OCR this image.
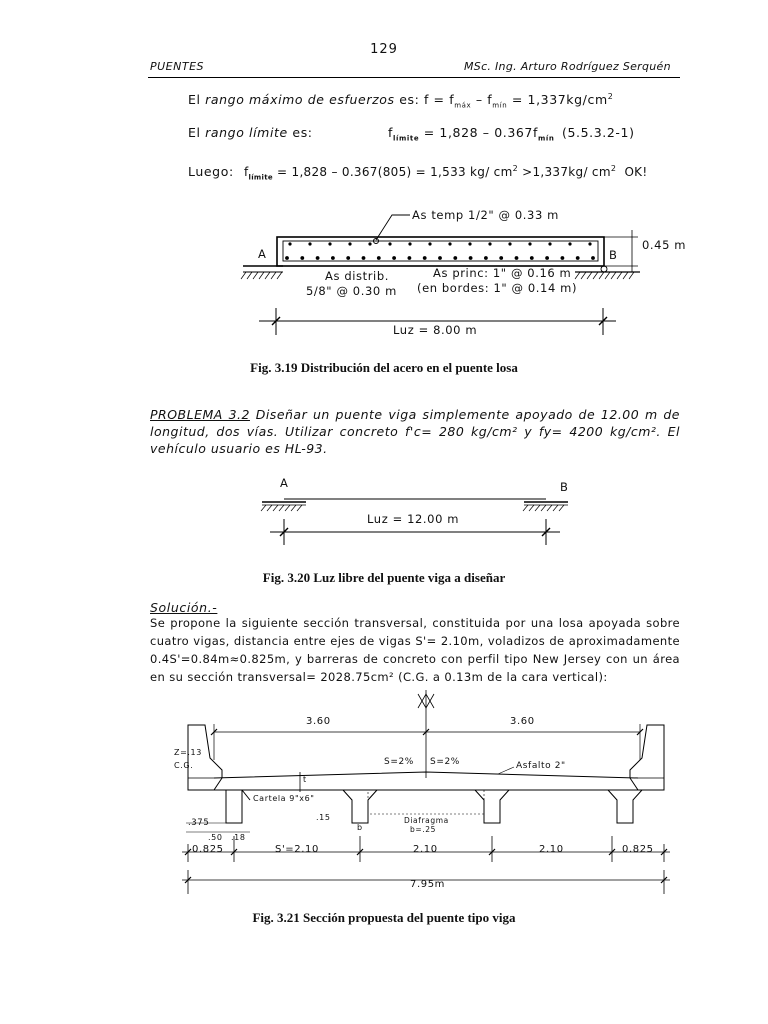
129
PUENTES	MSc. Ing. Arturo Rodríguez Serquén
El rango máximo de esfuerzos es: $f = f_{máx} - f_{mín} = 1,337kg/cm^2$
El rango límite es:	$f_{límite} = 1,828 - 0.367f_{mín}$ (5.5.3.2-1)
Luego: $f_{límite} = 1,828 - 0.367(805) = 1,533$ kg/ $cm^2 >1,337kg/$ $cm^2$ OK!
As temp 1/2" @ 0.33 m
0.45 m
A	B
As distrib.
5/8" @ 0.30 m
As princ: 1" @ 0.16 m
(en bordes: 1" @ 0.14 m)
Luz = 8.00 m
Fig. 3.19 Distribución del acero en el puente losa
PROBLEMA 3.2 Diseñar un puente viga simplemente apoyado de 12.00 m de longitud, dos vías. Utilizar concreto f'c= 280 kg/cm² y fy= 4200 kg/cm². El vehículo usuario es HL-93.
A	B
Luz = 12.00 m
Fig. 3.20 Luz libre del puente viga a diseñar
Solución.-
Se propone la siguiente sección transversal, constituida por una losa apoyada sobre cuatro vigas, distancia entre ejes de vigas S'= 2.10m, voladizos de aproximadamente 0.4S'=0.84m≈0.825m, y barreras de concreto con perfil tipo New Jersey con un área en su sección transversal= 2028.75cm² (C.G. a 0.13m de la cara vertical):
3.60	3.60
S=2% S=2%	Asfalto 2"
Z=.13
C.G.
t
Cartela 9"x6"
.15
b
Diafragma
b=.25
.375
.50 .18
0.825	S'=2.10	2.10	2.10	0.825
7.95m
Fig. 3.21 Sección propuesta del puente tipo viga
